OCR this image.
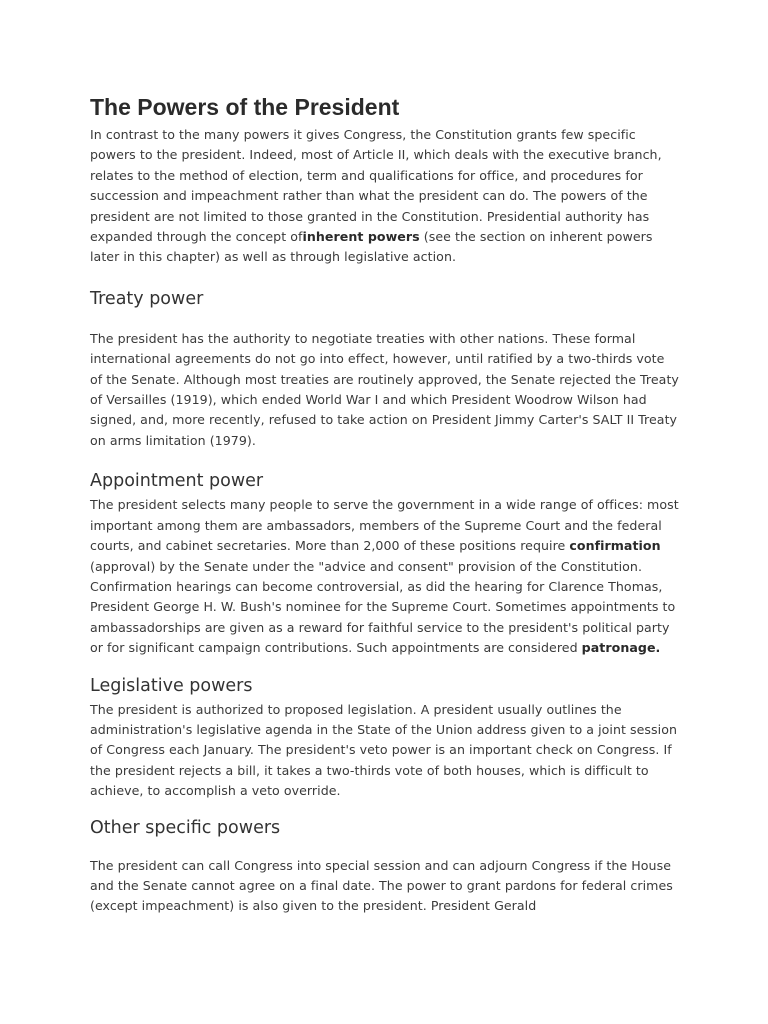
The Powers of the President

In contrast to the many powers it gives Congress, the Constitution grants few specific powers to the president. Indeed, most of Article II, which deals with the executive branch, relates to the method of election, term and qualifications for office, and procedures for succession and impeachment rather than what the president can do. The powers of the president are not limited to those granted in the Constitution. Presidential authority has expanded through the concept ofinherent powers (see the section on inherent powers later in this chapter) as well as through legislative action.

Treaty power

The president has the authority to negotiate treaties with other nations. These formal international agreements do not go into effect, however, until ratified by a two-thirds vote of the Senate. Although most treaties are routinely approved, the Senate rejected the Treaty of Versailles (1919), which ended World War I and which President Woodrow Wilson had signed, and, more recently, refused to take action on President Jimmy Carter's SALT II Treaty on arms limitation (1979).

Appointment power

The president selects many people to serve the government in a wide range of offices: most important among them are ambassadors, members of the Supreme Court and the federal courts, and cabinet secretaries. More than 2,000 of these positions require confirmation (approval) by the Senate under the "advice and consent" provision of the Constitution. Confirmation hearings can become controversial, as did the hearing for Clarence Thomas, President George H. W. Bush's nominee for the Supreme Court. Sometimes appointments to ambassadorships are given as a reward for faithful service to the president's political party or for significant campaign contributions. Such appointments are considered patronage.

Legislative powers

The president is authorized to proposed legislation. A president usually outlines the administration's legislative agenda in the State of the Union address given to a joint session of Congress each January. The president's veto power is an important check on Congress. If the president rejects a bill, it takes a two-thirds vote of both houses, which is difficult to achieve, to accomplish a veto override.

Other specific powers

The president can call Congress into special session and can adjourn Congress if the House and the Senate cannot agree on a final date. The power to grant pardons for federal crimes (except impeachment) is also given to the president. President Gerald
